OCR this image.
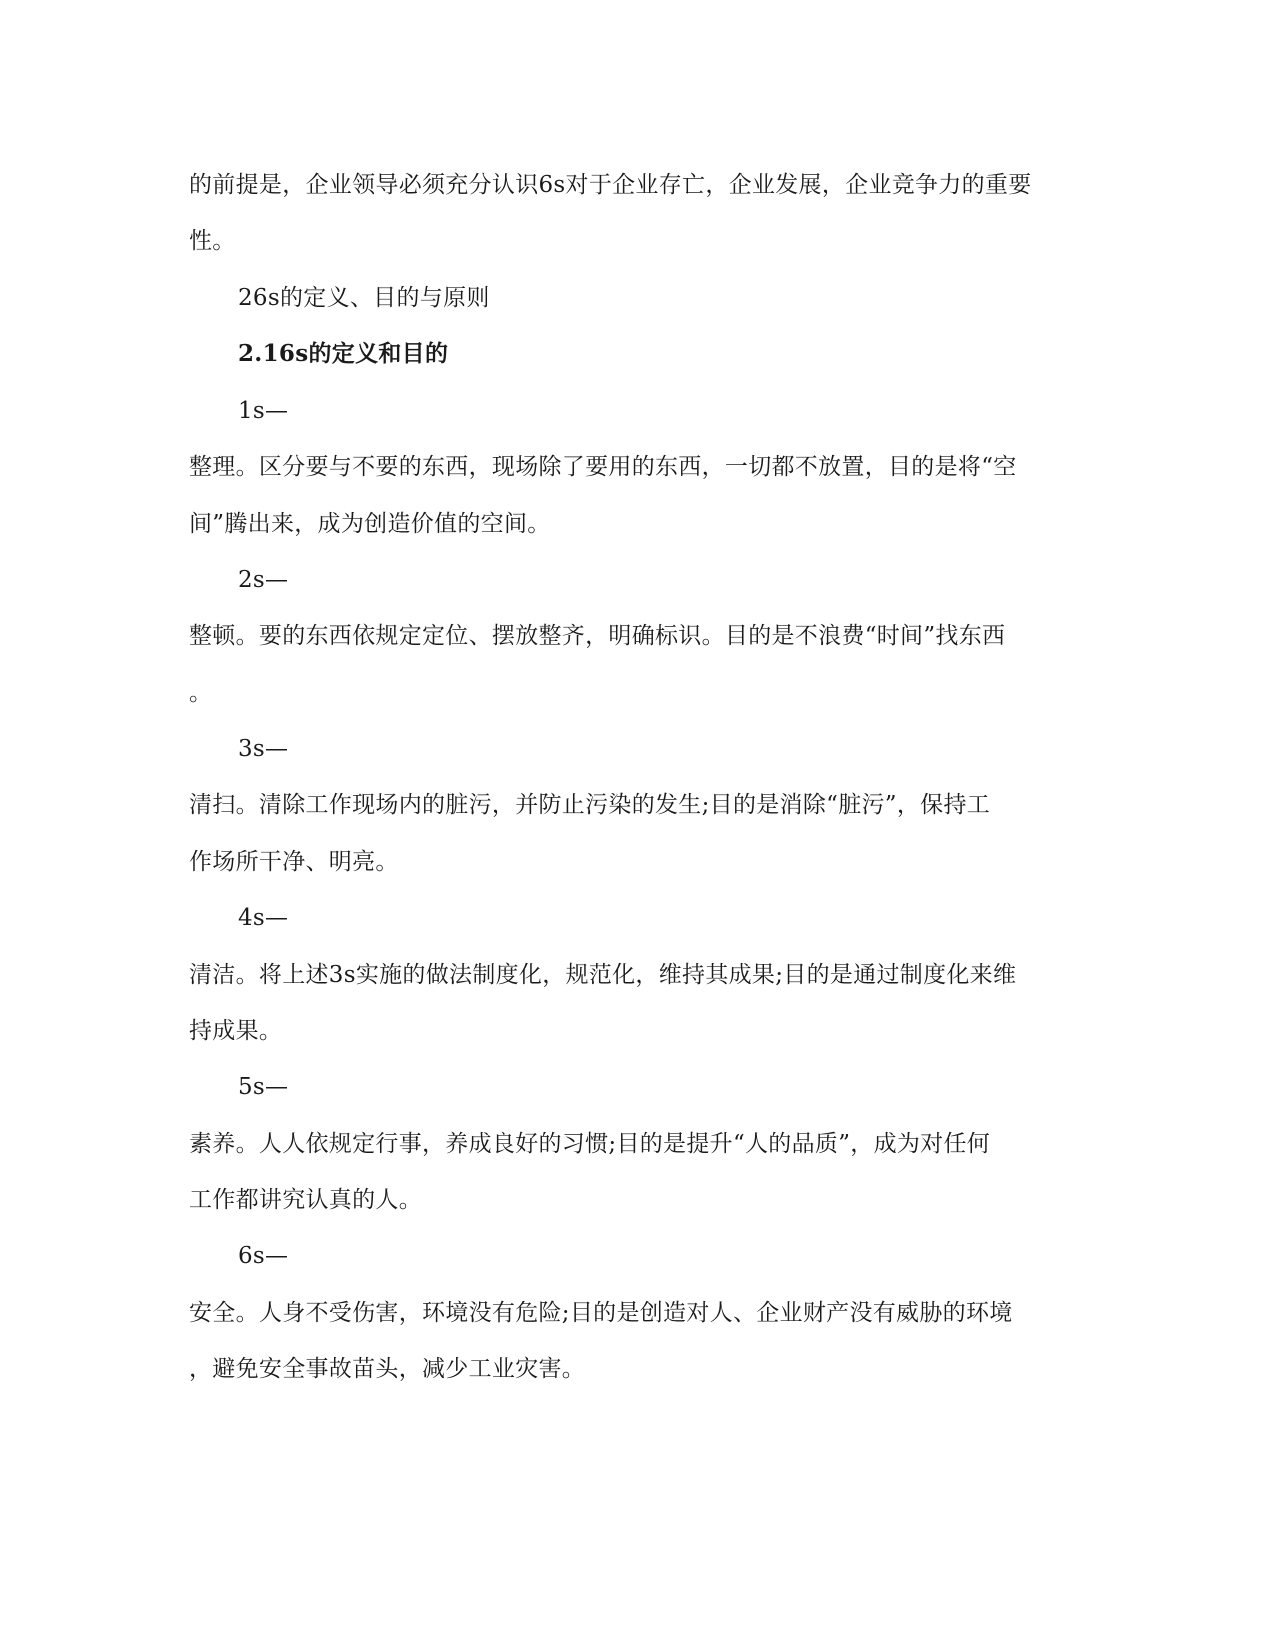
的前提是，企业领导必须充分认识6s对于企业存亡，企业发展，企业竞争力的重要
性。
26s的定义、目的与原则
2.16s的定义和目的
1s—
整理。区分要与不要的东西，现场除了要用的东西，一切都不放置，目的是将“空
间”腾出来，成为创造价值的空间。
2s—
整顿。要的东西依规定定位、摆放整齐，明确标识。目的是不浪费“时间”找东西
。
3s—
清扫。清除工作现场内的脏污，并防止污染的发生;目的是消除“脏污”，保持工
作场所干净、明亮。
4s—
清洁。将上述3s实施的做法制度化，规范化，维持其成果;目的是通过制度化来维
持成果。
5s—
素养。人人依规定行事，养成良好的习惯;目的是提升“人的品质”，成为对任何
工作都讲究认真的人。
6s—
安全。人身不受伤害，环境没有危险;目的是创造对人、企业财产没有威胁的环境
，避免安全事故苗头，减少工业灾害。
